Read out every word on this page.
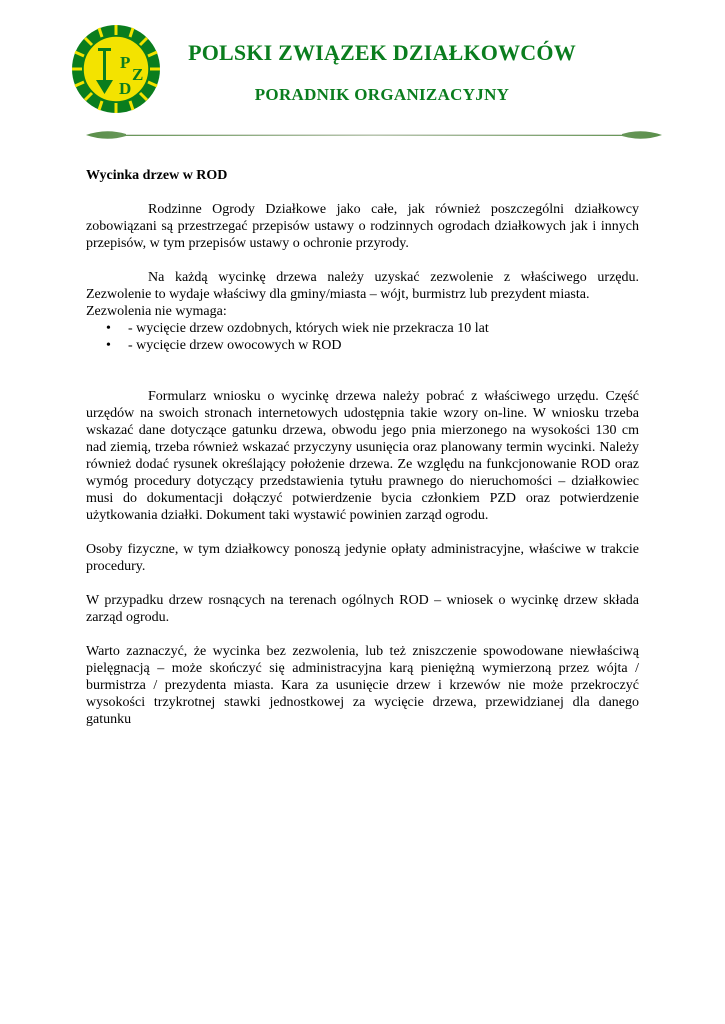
P
Z
D
POLSKI ZWIĄZEK DZIAŁKOWCÓW
PORADNIK ORGANIZACYJNY

Wycinka drzew w ROD

Rodzinne Ogrody Działkowe jako całe, jak również poszczególni działkowcy zobowiązani są przestrzegać przepisów ustawy o rodzinnych ogrodach działkowych jak i innych przepisów, w tym przepisów ustawy o ochronie przyrody.

Na każdą wycinkę drzewa należy uzyskać zezwolenie z właściwego urzędu. Zezwolenie to wydaje właściwy dla gminy/miasta – wójt, burmistrz lub prezydent miasta.

Zezwolenia nie wymaga:

• - wycięcie drzew ozdobnych, których wiek nie przekracza 10 lat
• - wycięcie drzew owocowych w ROD

Formularz wniosku o wycinkę drzewa należy pobrać z właściwego urzędu. Część urzędów na swoich stronach internetowych udostępnia takie wzory on-line. W wniosku trzeba wskazać dane dotyczące gatunku drzewa, obwodu jego pnia mierzonego na wysokości 130 cm nad ziemią, trzeba również wskazać przyczyny usunięcia oraz planowany termin wycinki. Należy również dodać rysunek określający położenie drzewa. Ze względu na funkcjonowanie ROD oraz wymóg procedury dotyczący przedstawienia tytułu prawnego do nieruchomości – działkowiec musi do dokumentacji dołączyć potwierdzenie bycia członkiem PZD oraz potwierdzenie użytkowania działki. Dokument taki wystawić powinien zarząd ogrodu.

Osoby fizyczne, w tym działkowcy ponoszą jedynie opłaty administracyjne, właściwe w trakcie procedury.

W przypadku drzew rosnących na terenach ogólnych ROD – wniosek o wycinkę drzew składa zarząd ogrodu.

Warto zaznaczyć, że wycinka bez zezwolenia, lub też zniszczenie spowodowane niewłaściwą pielęgnacją – może skończyć się administracyjna karą pieniężną wymierzoną przez wójta / burmistrza / prezydenta miasta. Kara za usunięcie drzew i krzewów nie może przekroczyć wysokości trzykrotnej stawki jednostkowej za wycięcie drzewa, przewidzianej dla danego gatunku
